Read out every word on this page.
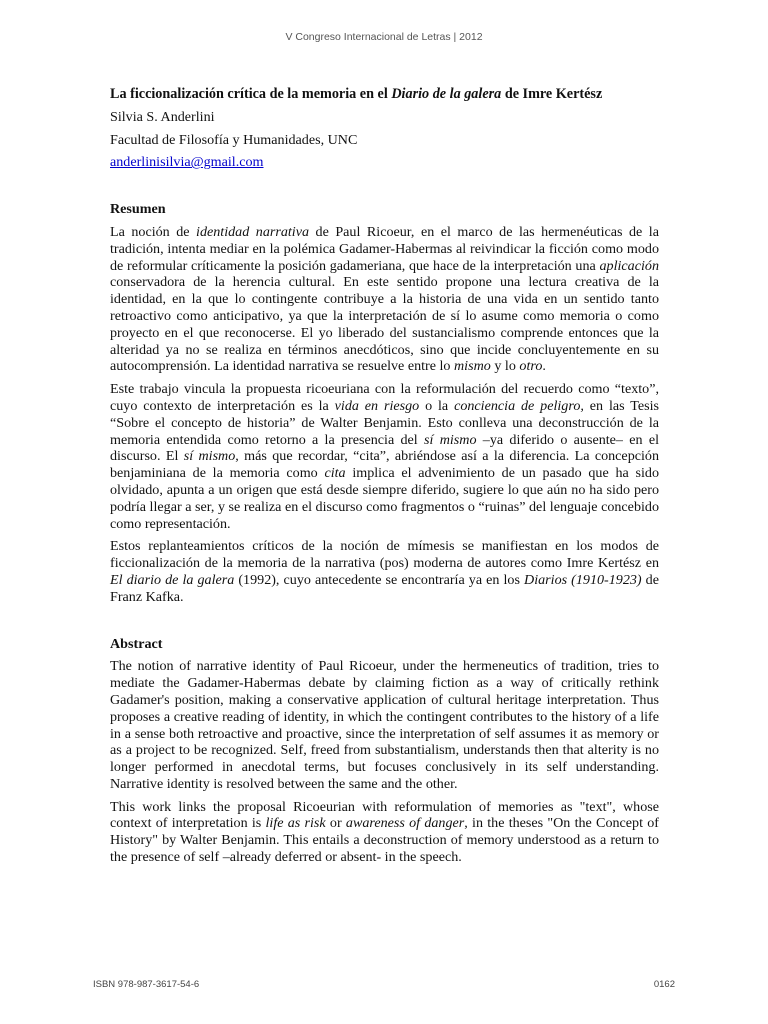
V Congreso Internacional de Letras | 2012
La ficcionalización crítica de la memoria en el Diario de la galera de Imre Kertész
Silvia S. Anderlini
Facultad de Filosofía y Humanidades, UNC
anderlinisilvia@gmail.com
Resumen

La noción de identidad narrativa de Paul Ricoeur, en el marco de las hermenéuticas de la tradición, intenta mediar en la polémica Gadamer-Habermas al reivindicar la ficción como modo de reformular críticamente la posición gadameriana, que hace de la interpretación una aplicación conservadora de la herencia cultural. En este sentido propone una lectura creativa de la identidad, en la que lo contingente contribuye a la historia de una vida en un sentido tanto retroactivo como anticipativo, ya que la interpretación de sí lo asume como memoria o como proyecto en el que reconocerse. El yo liberado del sustancialismo comprende entonces que la alteridad ya no se realiza en términos anecdóticos, sino que incide concluyentemente en su autocomprensión. La identidad narrativa se resuelve entre lo mismo y lo otro.

Este trabajo vincula la propuesta ricoeuriana con la reformulación del recuerdo como “texto”, cuyo contexto de interpretación es la vida en riesgo o la conciencia de peligro, en las Tesis “Sobre el concepto de historia” de Walter Benjamin. Esto conlleva una deconstrucción de la memoria entendida como retorno a la presencia del sí mismo –ya diferido o ausente– en el discurso. El sí mismo, más que recordar, “cita”, abriéndose así a la diferencia. La concepción benjaminiana de la memoria como cita implica el advenimiento de un pasado que ha sido olvidado, apunta a un origen que está desde siempre diferido, sugiere lo que aún no ha sido pero podría llegar a ser, y se realiza en el discurso como fragmentos o “ruinas” del lenguaje concebido como representación.

Estos replanteamientos críticos de la noción de mímesis se manifiestan en los modos de ficcionalización de la memoria de la narrativa (pos) moderna de autores como Imre Kertész en El diario de la galera (1992), cuyo antecedente se encontraría ya en los Diarios (1910-1923) de Franz Kafka.

Abstract

The notion of narrative identity of Paul Ricoeur, under the hermeneutics of tradition, tries to mediate the Gadamer-Habermas debate by claiming fiction as a way of critically rethink Gadamer's position, making a conservative application of cultural heritage interpretation. Thus proposes a creative reading of identity, in which the contingent contributes to the history of a life in a sense both retroactive and proactive, since the interpretation of self assumes it as memory or as a project to be recognized. Self, freed from substantialism, understands then that alterity is no longer performed in anecdotal terms, but focuses conclusively in its self understanding. Narrative identity is resolved between the same and the other.

This work links the proposal Ricoeurian with reformulation of memories as "text", whose context of interpretation is life as risk or awareness of danger, in the theses "On the Concept of History" by Walter Benjamin. This entails a deconstruction of memory understood as a return to the presence of self –already deferred or absent- in the speech.

ISBN 978-987-3617-54-6	0162
